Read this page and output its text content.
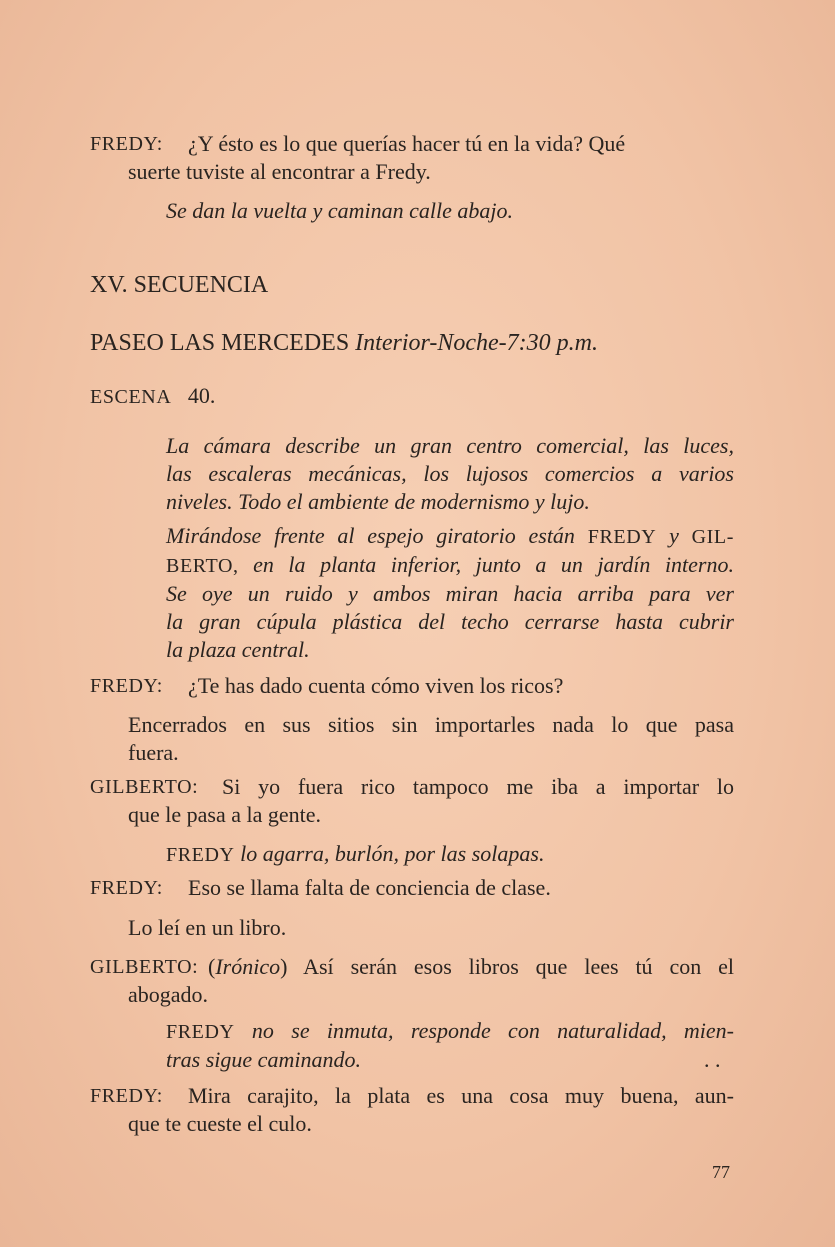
FREDY: ¿Y ésto es lo que querías hacer tú en la vida? Qué
suerte tuviste al encontrar a Fredy.
Se dan la vuelta y caminan calle abajo.
XV. SECUENCIA
PASEO LAS MERCEDES Interior-Noche-7:30 p.m.
ESCENA 40.
La cámara describe un gran centro comercial, las luces,
las escaleras mecánicas, los lujosos comercios a varios
niveles. Todo el ambiente de modernismo y lujo.
Mirándose frente al espejo giratorio están FREDY y GIL-
BERTO, en la planta inferior, junto a un jardín interno.
Se oye un ruido y ambos miran hacia arriba para ver
la gran cúpula plástica del techo cerrarse hasta cubrir
la plaza central.
FREDY: ¿Te has dado cuenta cómo viven los ricos?
Encerrados en sus sitios sin importarles nada lo que pasa
fuera.
GILBERTO: Si yo fuera rico tampoco me iba a importar lo
que le pasa a la gente.
FREDY lo agarra, burlón, por las solapas.
FREDY: Eso se llama falta de conciencia de clase.
Lo leí en un libro.
GILBERTO: (Irónico) Así serán esos libros que lees tú con el
abogado.
FREDY no se inmuta, responde con naturalidad, mien-
tras sigue caminando.	. .
FREDY: Mira carajito, la plata es una cosa muy buena, aun-
que te cueste el culo.
77
